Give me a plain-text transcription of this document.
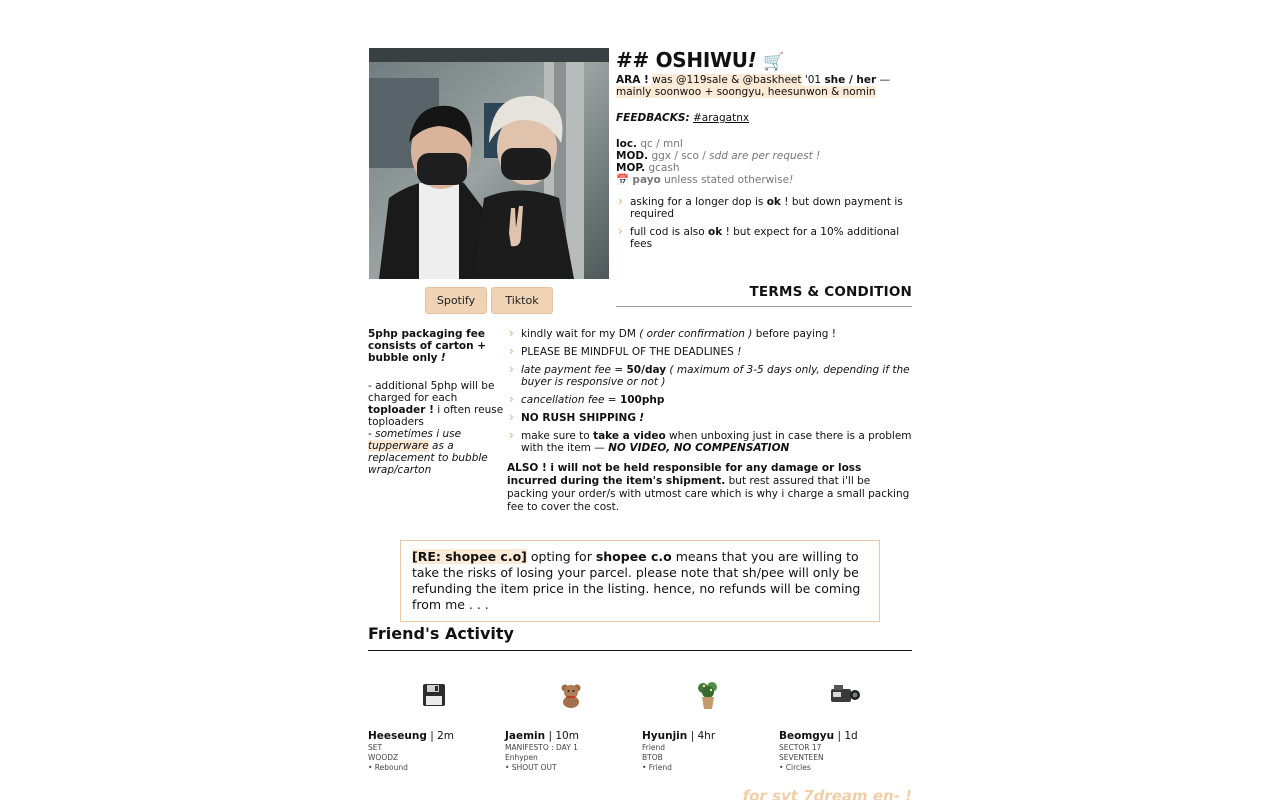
Spotify	Tiktok
## OSHIWU! 🛒
ARA ! was @119sale & @baskheet '01 she / her — mainly soonwoo + soongyu, heesunwon & nomin
FEEDBACKS: #aragatnx
loc. qc / mnl
MOD. ggx / sco / sdd are per request !
MOP. gcash
📅 payo unless stated otherwise!
› asking for a longer dop is ok ! but down payment is required
› full cod is also ok ! but expect for a 10% additional fees
TERMS & CONDITION
5php packaging fee consists of carton + bubble only !
- additional 5php will be charged for each toploader ! i often reuse toploaders
- sometimes i use tupperware as a replacement to bubble wrap/carton
› kindly wait for my DM ( order confirmation ) before paying !
› PLEASE BE MINDFUL OF THE DEADLINES !
› late payment fee = 50/day ( maximum of 3-5 days only, depending if the buyer is responsive or not )
› cancellation fee = 100php
› NO RUSH SHIPPING !
› make sure to take a video when unboxing just in case there is a problem with the item — NO VIDEO, NO COMPENSATION
ALSO ! i will not be held responsible for any damage or loss incurred during the item's shipment. but rest assured that i'll be packing your order/s with utmost care which is why i charge a small packing fee to cover the cost.
[RE: shopee c.o] opting for shopee c.o means that you are willing to take the risks of losing your parcel. please note that sh/pee will only be refunding the item price in the listing. hence, no refunds will be coming from me . . .
Friend's Activity
Heeseung | 2m
SET
WOODZ
• Rebound
Jaemin | 10m
MANIFESTO : DAY 1
Enhypen
• SHOUT OUT
Hyunjin | 4hr
Friend
BTOB
• Friend
Beomgyu | 1d
SECTOR 17
SEVENTEEN
• Circles
for svt 7dream en- !
